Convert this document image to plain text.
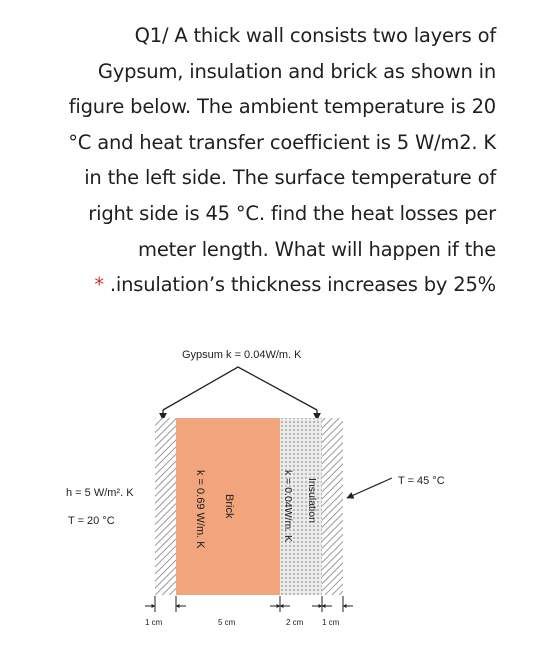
Q1/ A thick wall consists two layers of
Gypsum, insulation and brick as shown in
figure below. The ambient temperature is 20
°C and heat transfer coefficient is 5 W/m2. K
in the left side. The surface temperature of
right side is 45 °C. find the heat losses per
meter length. What will happen if the
* .insulation’s thickness increases by 25%
Gypsum k = 0.04W/m. K
k = 0.69 W/m. K Brick	Insulation
k = 0.04W/m. K
h = 5 W/m². K
T = 20 °C
T = 45 °C
1 cm	5 cm	2 cm 1 cm
